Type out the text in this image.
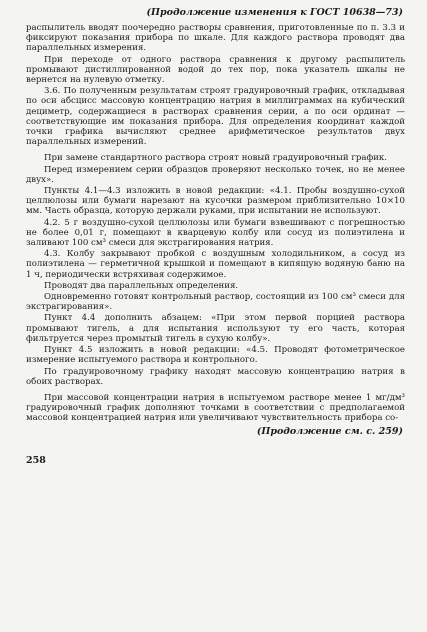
(Продолжение изменения к ГОСТ 10638—73)

распылитель вводят поочередно растворы сравнения, приготовленные по п. 3.3 и фиксируют показания прибора по шкале. Для каждого раствора проводят два параллельных измерения.

При переходе от одного раствора сравнения к другому распылитель промывают дистиллированной водой до тех пор, пока указатель шкалы не вернется на нулевую отметку.

3.6. По полученным результатам строят градуировочный график, откладывая по оси абсцисс массовую концентрацию натрия в миллиграммах на кубический дециметр, содержащиеся в растворах сравнения серии, а по оси ординат — соответствующие им показания прибора. Для определения координат каждой точки графика вычисляют среднее арифметическое результатов двух параллельных измерений.

При замене стандартного раствора строят новый градуировочный график.

Перед измерением серии образцов проверяют несколько точек, но не менее двух».

Пункты 4.1—4.3 изложить в новой редакции: «4.1. Пробы воздушно-сухой целлюлозы или бумаги нарезают на кусочки размером приблизительно 10×10 мм. Часть образца, которую держали руками, при испытании не используют.

4.2. 5 г воздушно-сухой целлюлозы или бумаги взвешивают с погрешностью не более 0,01 г, помещают в кварцевую колбу или сосуд из полиэтилена и заливают 100 см³ смеси для экстрагирования натрия.

4.3. Колбу закрывают пробкой с воздушным холодильником, а сосуд из полиэтилена — герметичной крышкой и помещают в кипящую водяную баню на 1 ч, периодически встряхивая содержимое.

Проводят два параллельных определения.

Одновременно готовят контрольный раствор, состоящий из 100 см³ смеси для экстрагирования».

Пункт 4.4 дополнить абзацем: «При этом первой порцией раствора промывают тигель, а для испытания используют ту его часть, которая фильтруется через промытый тигель в сухую колбу».

Пункт 4.5 изложить в новой редакции: «4.5. Проводят фотометрическое измерение испытуемого раствора и контрольного.

По градуировочному графику находят массовую концентрацию натрия в обоих растворах.

При массовой концентрации натрия в испытуемом растворе менее 1 мг/дм³ градуировочный график дополняют точками в соответствии с предполагаемой массовой концентрацией натрия или увеличивают чувствительность прибора со-

(Продолжение см. с. 259)
258
